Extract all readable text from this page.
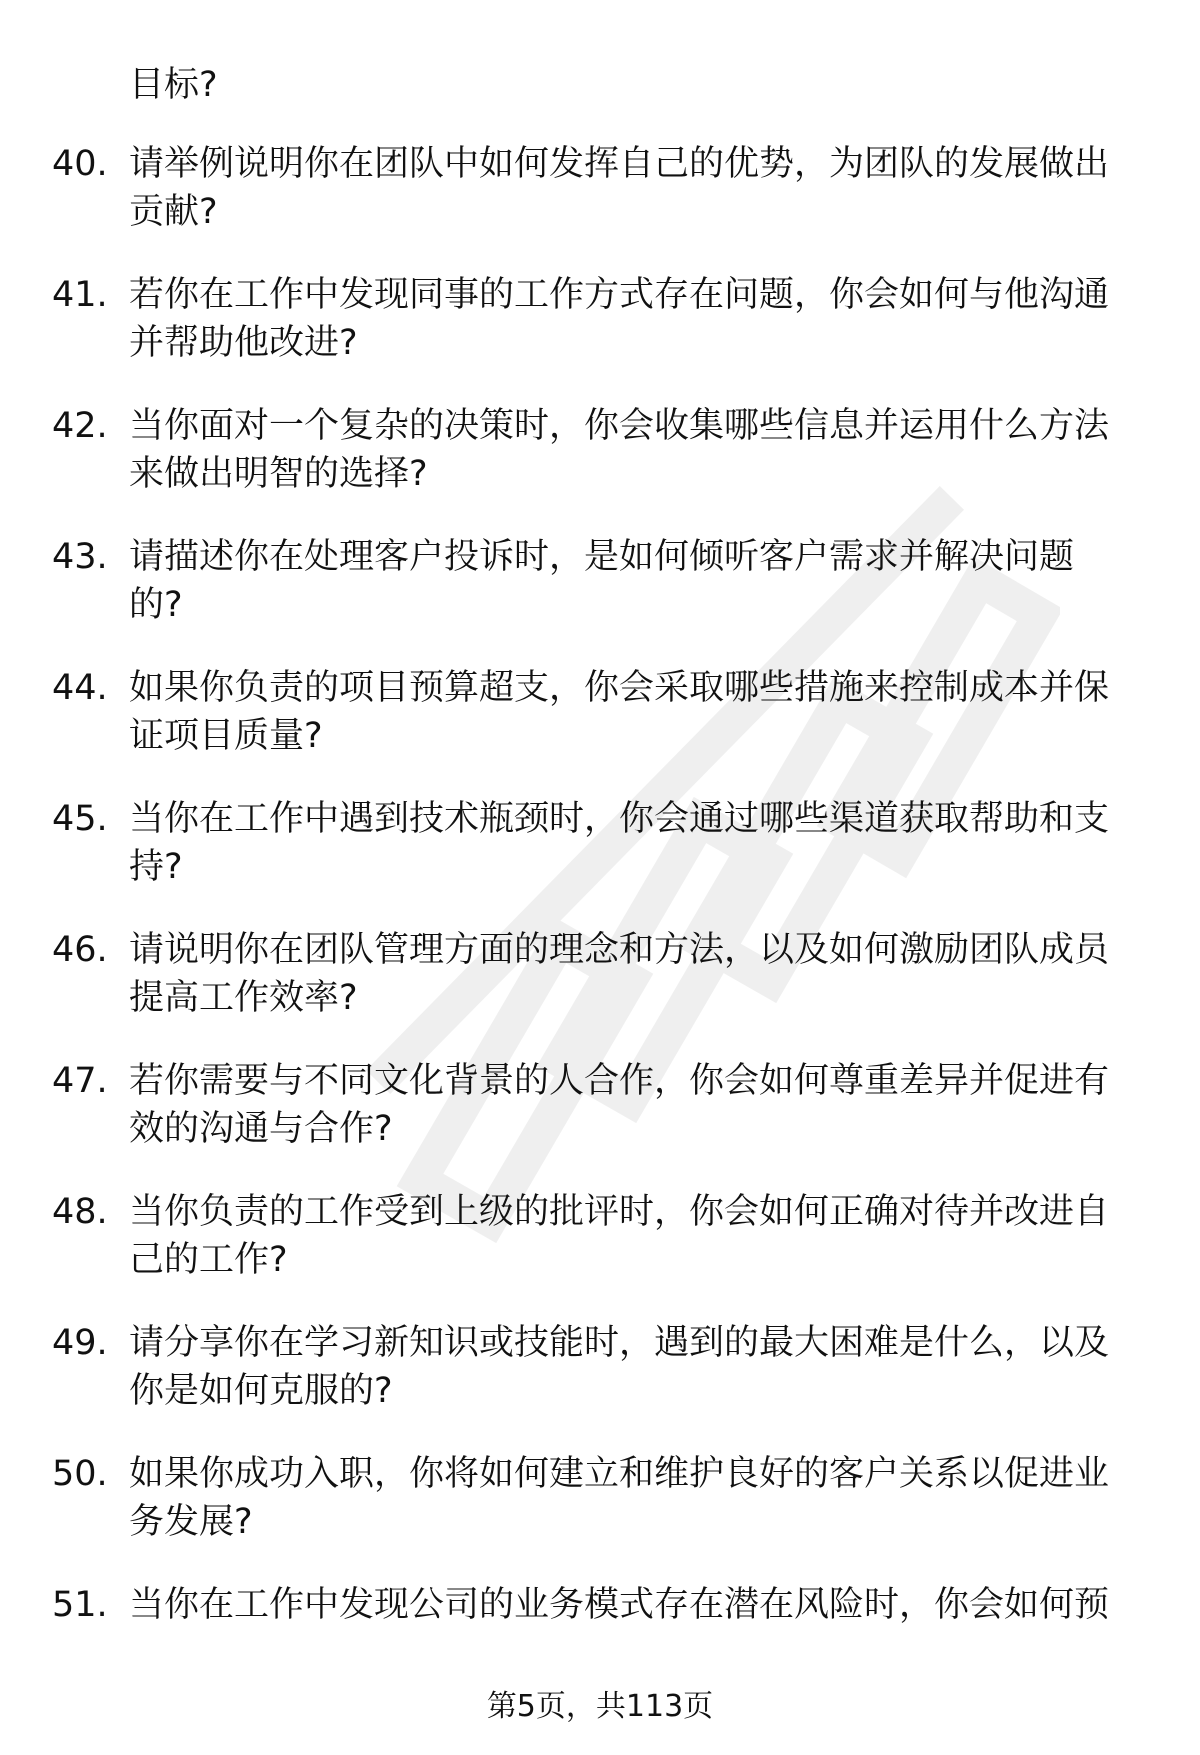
目标?
40. 请举例说明你在团队中如何发挥自己的优势，为团队的发展做出
贡献?
41. 若你在工作中发现同事的工作方式存在问题，你会如何与他沟通
并帮助他改进?
42. 当你面对一个复杂的决策时，你会收集哪些信息并运用什么方法
来做出明智的选择?
43. 请描述你在处理客户投诉时，是如何倾听客户需求并解决问题
的?
44. 如果你负责的项目预算超支，你会采取哪些措施来控制成本并保
证项目质量?
45. 当你在工作中遇到技术瓶颈时，你会通过哪些渠道获取帮助和支
持?
46. 请说明你在团队管理方面的理念和方法，以及如何激励团队成员
提高工作效率?
47. 若你需要与不同文化背景的人合作，你会如何尊重差异并促进有
效的沟通与合作?
48. 当你负责的工作受到上级的批评时，你会如何正确对待并改进自
己的工作?
49. 请分享你在学习新知识或技能时，遇到的最大困难是什么，以及
你是如何克服的?
50. 如果你成功入职，你将如何建立和维护良好的客户关系以促进业
务发展?
51. 当你在工作中发现公司的业务模式存在潜在风险时，你会如何预
第5页，共113页
